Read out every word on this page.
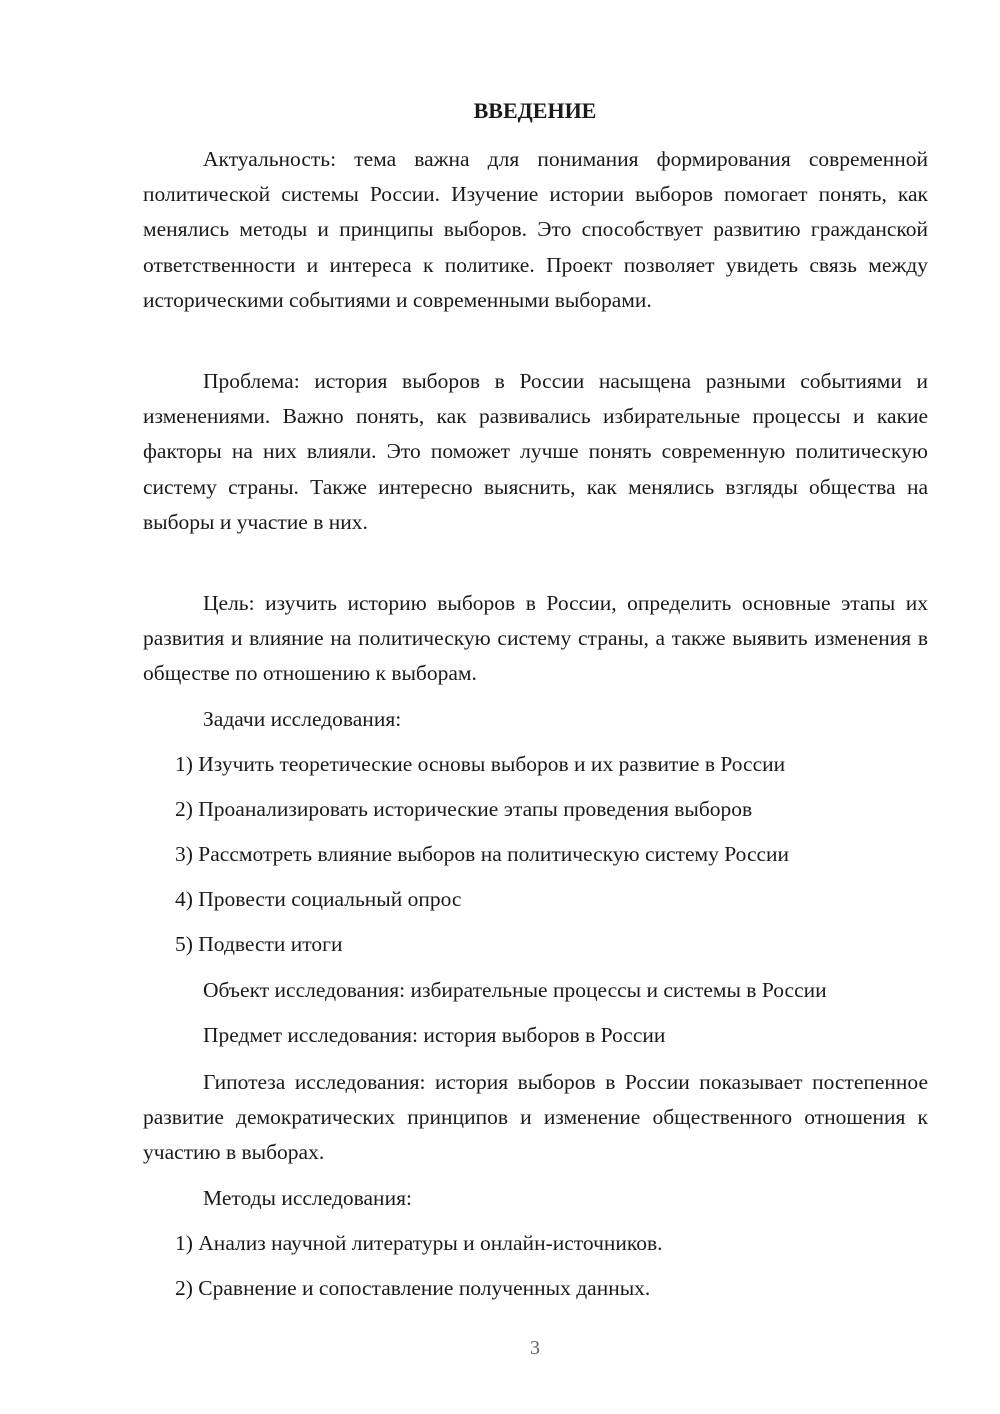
ВВЕДЕНИЕ

Актуальность: тема важна для понимания формирования современной политической системы России. Изучение истории выборов помогает понять, как менялись методы и принципы выборов. Это способствует развитию гражданской ответственности и интереса к политике. Проект позволяет увидеть связь между историческими событиями и современными выборами.

Проблема: история выборов в России насыщена разными событиями и изменениями. Важно понять, как развивались избирательные процессы и какие факторы на них влияли. Это поможет лучше понять современную политическую систему страны. Также интересно выяснить, как менялись взгляды общества на выборы и участие в них.

Цель: изучить историю выборов в России, определить основные этапы их развития и влияние на политическую систему страны, а также выявить изменения в обществе по отношению к выборам.

Задачи исследования:
1) Изучить теоретические основы выборов и их развитие в России
2) Проанализировать исторические этапы проведения выборов
3) Рассмотреть влияние выборов на политическую систему России
4) Провести социальный опрос
5) Подвести итоги
Объект исследования: избирательные процессы и системы в России
Предмет исследования: история выборов в России

Гипотеза исследования: история выборов в России показывает постепенное развитие демократических принципов и изменение общественного отношения к участию в выборах.

Методы исследования:
1) Анализ научной литературы и онлайн-источников.
2) Сравнение и сопоставление полученных данных.
3
